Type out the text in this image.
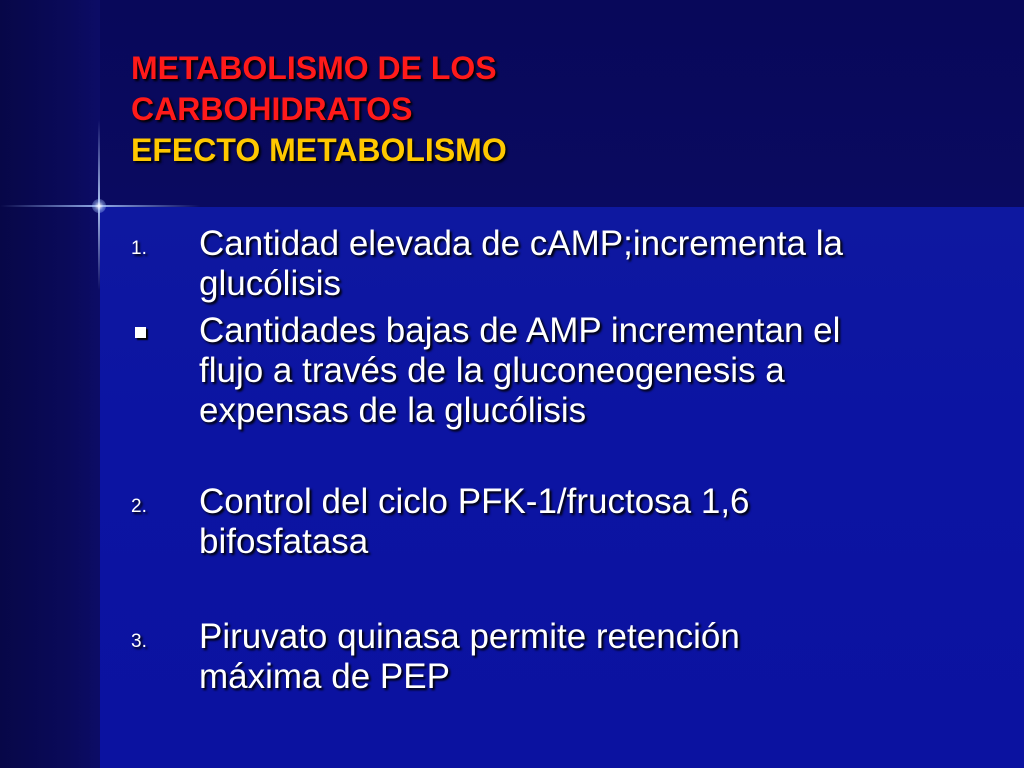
METABOLISMO DE LOS
CARBOHIDRATOS
EFECTO METABOLISMO
1. Cantidad elevada de cAMP;incrementa la
glucólisis
Cantidades bajas de AMP incrementan el
flujo a través de la gluconeogenesis a
expensas de la glucólisis
2. Control del ciclo PFK-1/fructosa 1,6
bifosfatasa
3. Piruvato quinasa permite retención
máxima de PEP
